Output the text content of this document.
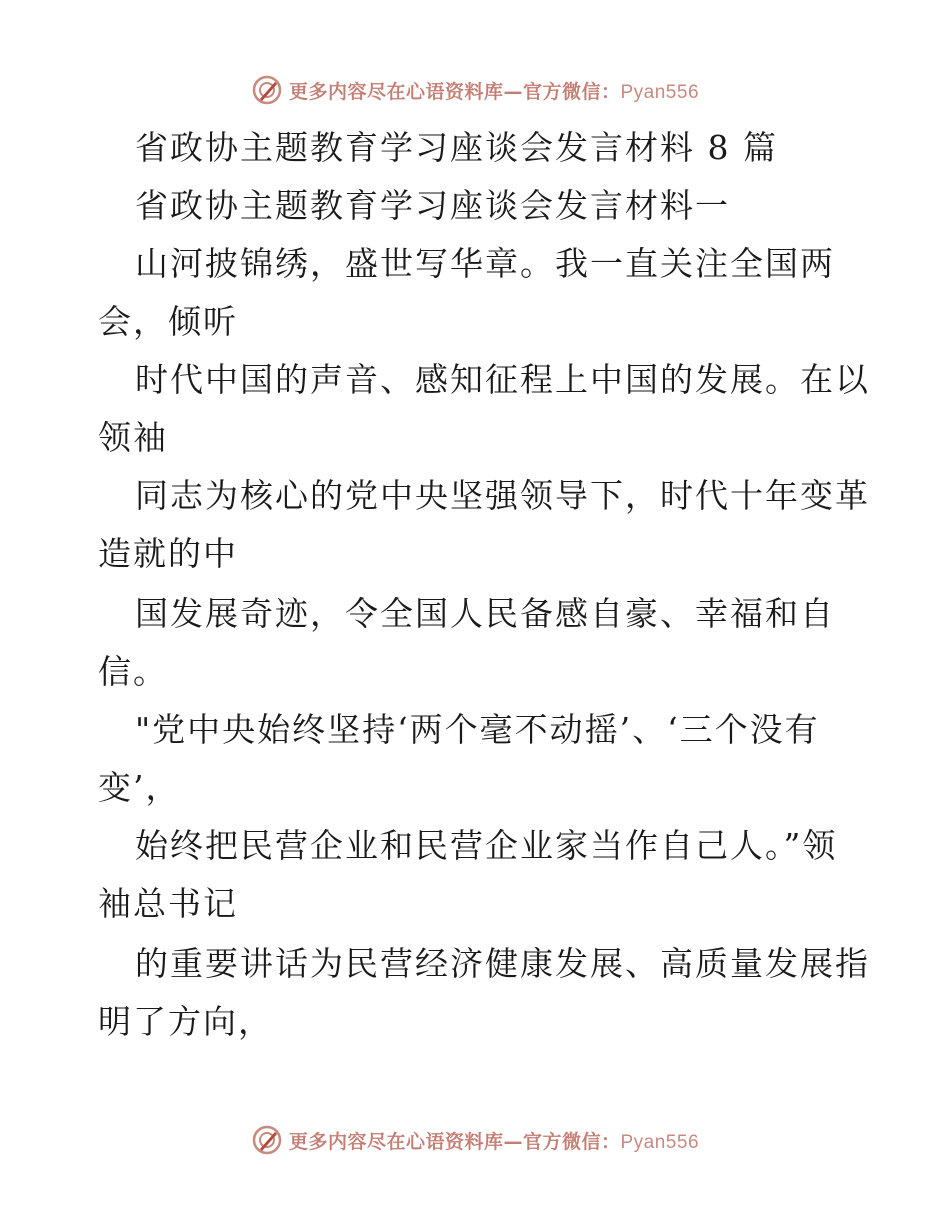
更多内容尽在心语资料库—官方微信：Pyan556
省政协主题教育学习座谈会发言材料 8 篇
省政协主题教育学习座谈会发言材料一
山河披锦绣，盛世写华章。我一直关注全国两
会，倾听
时代中国的声音、感知征程上中国的发展。在以
领袖
同志为核心的党中央坚强领导下，时代十年变革
造就的中
国发展奇迹，令全国人民备感自豪、幸福和自
信。
"党中央始终坚持‘两个毫不动摇’、‘三个没有
变’，
始终把民营企业和民营企业家当作自己人。”领
袖总书记
的重要讲话为民营经济健康发展、高质量发展指
明了方向，
更多内容尽在心语资料库—官方微信：Pyan556
